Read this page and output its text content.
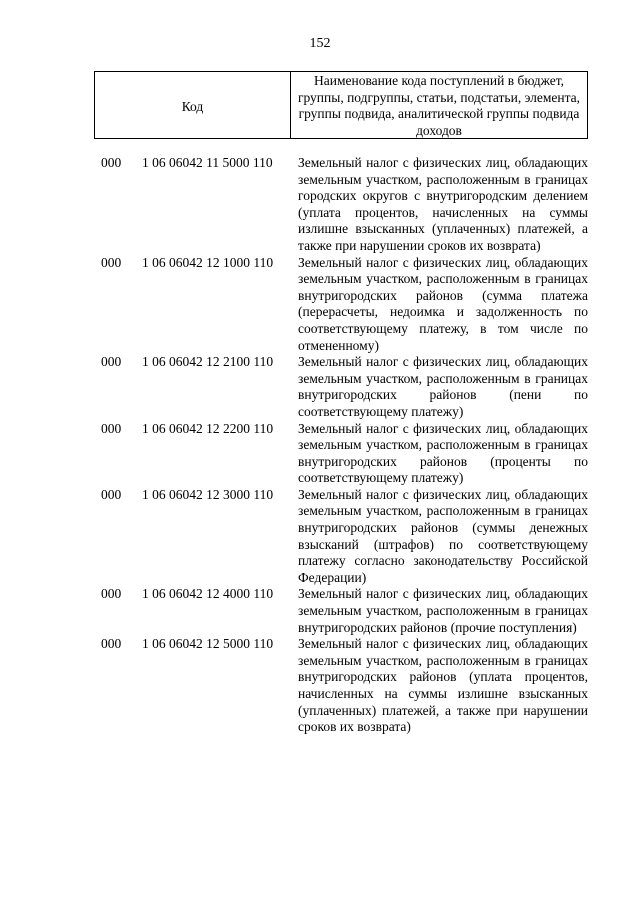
152
Код
Наименование кода поступлений в бюджет, группы, подгруппы, статьи, подстатьи, элемента, группы подвида, аналитической группы подвида доходов
000 1 06 06042 11 5000 110 Земельный налог с физических лиц, обладающих земельным участком, расположенным в границах городских округов с внутригородским делением (уплата процентов, начисленных на суммы излишне взысканных (уплаченных) платежей, а также при нарушении сроков их возврата)
000 1 06 06042 12 1000 110 Земельный налог с физических лиц, обладающих земельным участком, расположенным в границах внутригородских районов (сумма платежа (перерасчеты, недоимка и задолженность по соответствующему платежу, в том числе по отмененному)
000 1 06 06042 12 2100 110 Земельный налог с физических лиц, обладающих земельным участком, расположенным в границах внутригородских районов (пени по соответствующему платежу)
000 1 06 06042 12 2200 110 Земельный налог с физических лиц, обладающих земельным участком, расположенным в границах внутригородских районов (проценты по соответствующему платежу)
000 1 06 06042 12 3000 110 Земельный налог с физических лиц, обладающих земельным участком, расположенным в границах внутригородских районов (суммы денежных взысканий (штрафов) по соответствующему платежу согласно законодательству Российской Федерации)
000 1 06 06042 12 4000 110 Земельный налог с физических лиц, обладающих земельным участком, расположенным в границах внутригородских районов (прочие поступления)
000 1 06 06042 12 5000 110 Земельный налог с физических лиц, обладающих земельным участком, расположенным в границах внутригородских районов (уплата процентов, начисленных на суммы излишне взысканных (уплаченных) платежей, а также при нарушении сроков их возврата)
